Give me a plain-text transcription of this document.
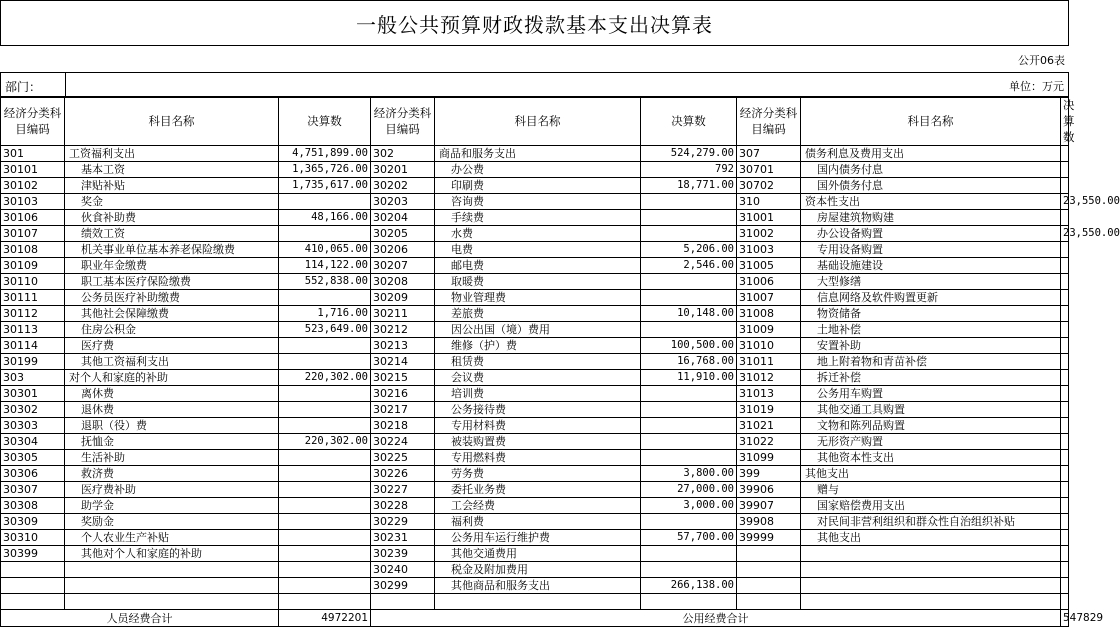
一般公共预算财政拨款基本支出决算表
公开06表
部门：	单位：万元
经济分类科目编码	科目名称	决算数	经济分类科目编码	科目名称	决算数	经济分类科目编码	科目名称	决算数
301	工资福利支出	4,751,899.00	302	商品和服务支出	524,279.00	307	债务利息及费用支出	
30101	基本工资	1,365,726.00	30201	办公费	792	30701	国内债务付息	
30102	津贴补贴	1,735,617.00	30202	印刷费	18,771.00	30702	国外债务付息	
30103	奖金		30203	咨询费		310	资本性支出	23,550.00
30106	伙食补助费	48,166.00	30204	手续费		31001	房屋建筑物购建	
30107	绩效工资		30205	水费		31002	办公设备购置	23,550.00
30108	机关事业单位基本养老保险缴费	410,065.00	30206	电费	5,206.00	31003	专用设备购置	
30109	职业年金缴费	114,122.00	30207	邮电费	2,546.00	31005	基础设施建设	
30110	职工基本医疗保险缴费	552,838.00	30208	取暖费		31006	大型修缮	
30111	公务员医疗补助缴费		30209	物业管理费		31007	信息网络及软件购置更新	
30112	其他社会保障缴费	1,716.00	30211	差旅费	10,148.00	31008	物资储备	
30113	住房公积金	523,649.00	30212	因公出国（境）费用		31009	土地补偿	
30114	医疗费		30213	维修（护）费	100,500.00	31010	安置补助	
30199	其他工资福利支出		30214	租赁费	16,768.00	31011	地上附着物和青苗补偿	
303	对个人和家庭的补助	220,302.00	30215	会议费	11,910.00	31012	拆迁补偿	
30301	离休费		30216	培训费		31013	公务用车购置	
30302	退休费		30217	公务接待费		31019	其他交通工具购置	
30303	退职（役）费		30218	专用材料费		31021	文物和陈列品购置	
30304	抚恤金	220,302.00	30224	被装购置费		31022	无形资产购置	
30305	生活补助		30225	专用燃料费		31099	其他资本性支出	
30306	救济费		30226	劳务费	3,800.00	399	其他支出	
30307	医疗费补助		30227	委托业务费	27,000.00	39906	赠与	
30308	助学金		30228	工会经费	3,000.00	39907	国家赔偿费用支出	
30309	奖励金		30229	福利费		39908	对民间非营利组织和群众性自治组织补贴	
30310	个人农业生产补贴		30231	公务用车运行维护费	57,700.00	39999	其他支出	
30399	其他对个人和家庭的补助		30239	其他交通费用				
			30240	税金及附加费用				
			30299	其他商品和服务支出	266,138.00			

人员经费合计		4972201	公用经费合计					547829
